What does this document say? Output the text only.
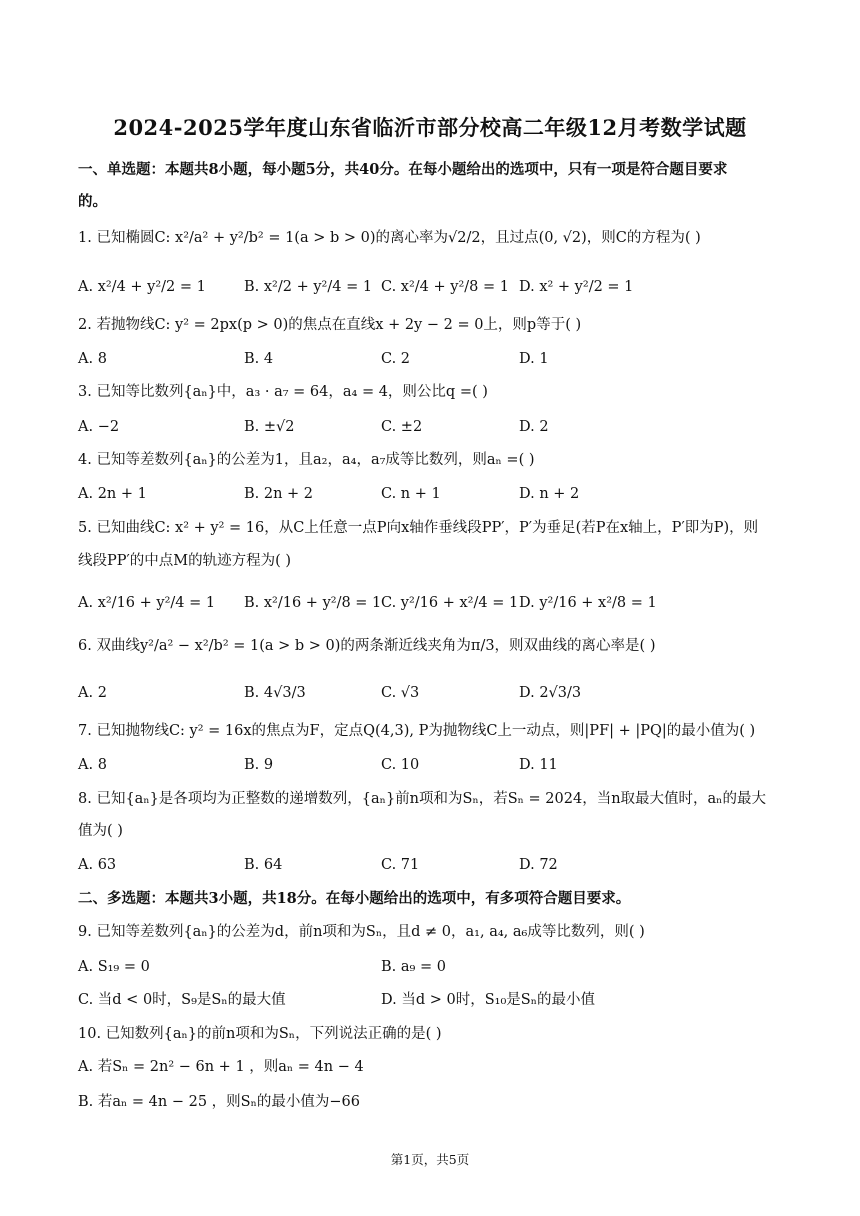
2024-2025学年度山东省临沂市部分校高二年级12月考数学试题
一、单选题：本题共8小题，每小题5分，共40分。在每小题给出的选项中，只有一项是符合题目要求
的。
1. 已知椭圆C: x²/a² + y²/b² = 1(a > b > 0)的离心率为√2/2，且过点(0, √2)，则C的方程为( )
A. x²/4 + y²/2 = 1	B. x²/2 + y²/4 = 1 C. x²/4 + y²/8 = 1 D. x² + y²/2 = 1
2. 若抛物线C: y² = 2px(p > 0)的焦点在直线x + 2y − 2 = 0上，则p等于( )
A. 8	B. 4	C. 2	D. 1
3. 已知等比数列{aₙ}中，a₃ · a₇ = 64，a₄ = 4，则公比q =( )
A. −2	B. ±√2	C. ±2	D. 2
4. 已知等差数列{aₙ}的公差为1，且a₂，a₄，a₇成等比数列，则aₙ =( )
A. 2n + 1	B. 2n + 2	C. n + 1	D. n + 2
5. 已知曲线C: x² + y² = 16，从C上任意一点P向x轴作垂线段PP′，P′为垂足(若P在x轴上，P′即为P)，则
线段PP′的中点M的轨迹方程为( )
A. x²/16 + y²/4 = 1 B. x²/16 + y²/8 = 1 C. y²/16 + x²/4 = 1 D. y²/16 + x²/8 = 1
6. 双曲线y²/a² − x²/b² = 1(a > b > 0)的两条渐近线夹角为π/3，则双曲线的离心率是( )
A. 2	B. 4√3/3	C. √3	D. 2√3/3
7. 已知抛物线C: y² = 16x的焦点为F，定点Q(4,3), P为抛物线C上一动点，则|PF| + |PQ|的最小值为( )
A. 8	B. 9	C. 10	D. 11
8. 已知{aₙ}是各项均为正整数的递增数列，{aₙ}前n项和为Sₙ，若Sₙ = 2024，当n取最大值时，aₙ的最大
值为( )
A. 63	B. 64	C. 71	D. 72
二、多选题：本题共3小题，共18分。在每小题给出的选项中，有多项符合题目要求。
9. 已知等差数列{aₙ}的公差为d，前n项和为Sₙ，且d ≠ 0，a₁, a₄, a₆成等比数列，则( )
A. S₁₉ = 0	B. a₉ = 0
C. 当d < 0时，S₉是Sₙ的最大值	D. 当d > 0时，S₁₀是Sₙ的最小值
10. 已知数列{aₙ}的前n项和为Sₙ，下列说法正确的是( )
A. 若Sₙ = 2n² − 6n + 1 ，则aₙ = 4n − 4
B. 若aₙ = 4n − 25 ，则Sₙ的最小值为−66
第1页，共5页
